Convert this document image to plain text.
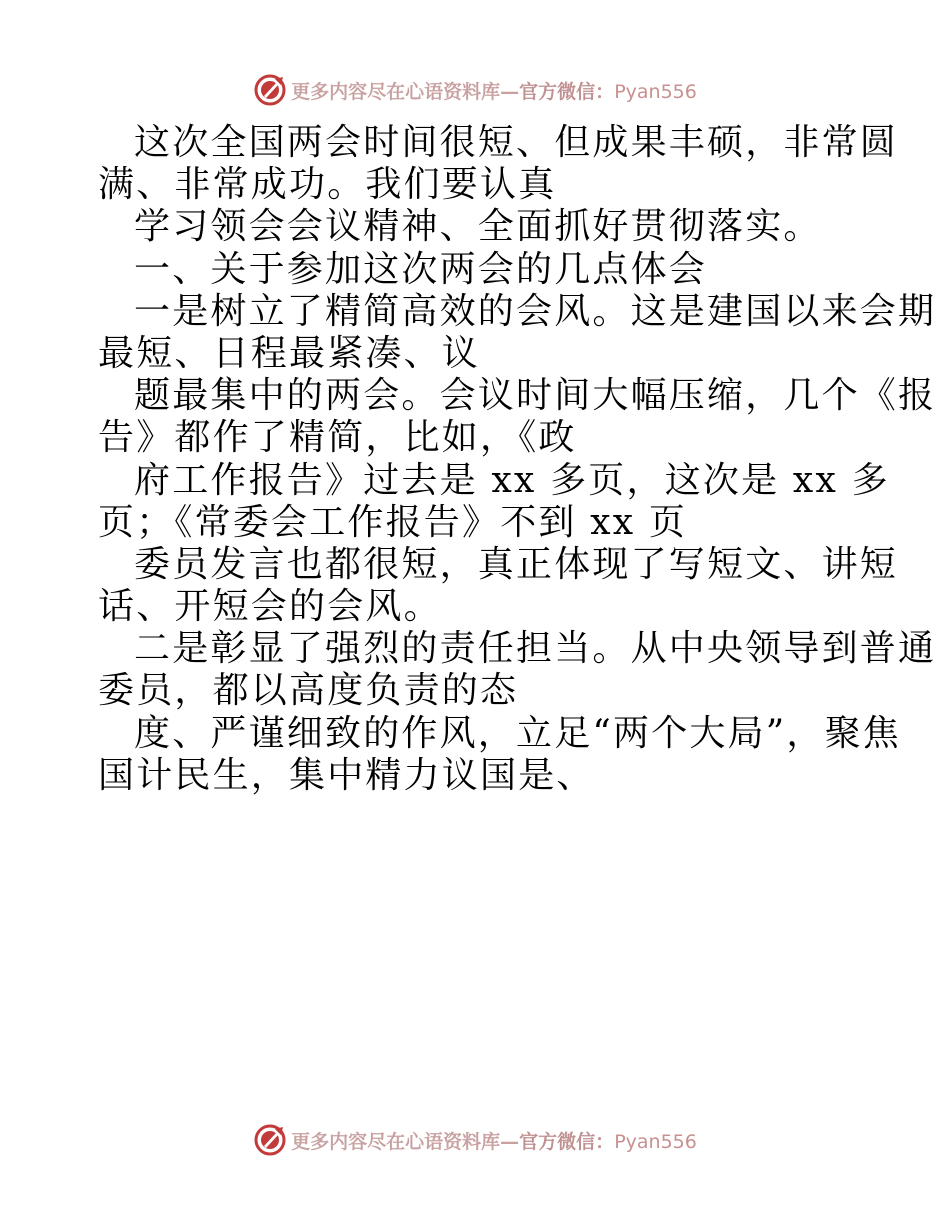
更多内容尽在心语资料库—官方微信：Pyan556
这次全国两会时间很短、但成果丰硕，非常圆
满、非常成功。我们要认真
学习领会会议精神、全面抓好贯彻落实。
一、关于参加这次两会的几点体会
一是树立了精简高效的会风。这是建国以来会期
最短、日程最紧凑、议
题最集中的两会。会议时间大幅压缩，几个《报
告》都作了精简，比如，《政
府工作报告》过去是 xx 多页，这次是 xx 多
页；《常委会工作报告》不到 xx 页
委员发言也都很短，真正体现了写短文、讲短
话、开短会的会风。
二是彰显了强烈的责任担当。从中央领导到普通
委员，都以高度负责的态
度、严谨细致的作风，立足“两个大局”，聚焦
国计民生，集中精力议国是、
更多内容尽在心语资料库—官方微信：Pyan556
